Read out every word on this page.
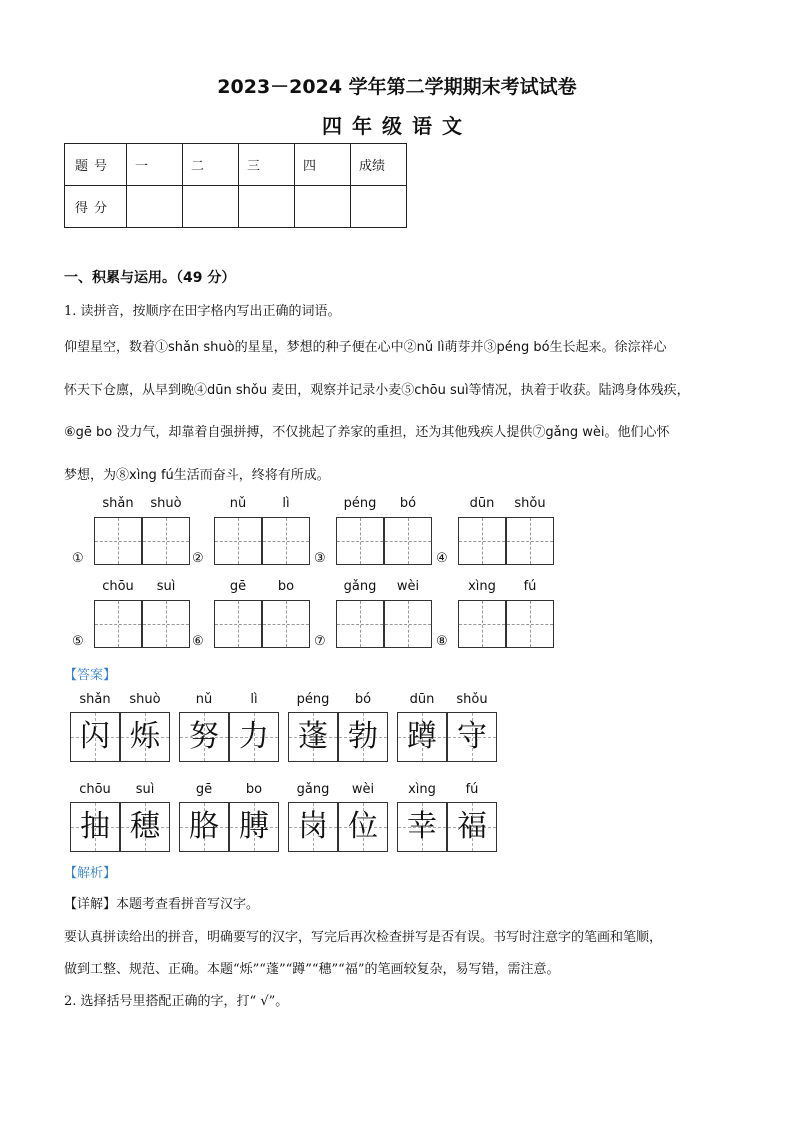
2023－2024 学年第二学期期末考试试卷
四年级语文
题号	一	二	三	四	成绩
得分					
一、积累与运用。（49 分）
1. 读拼音，按顺序在田字格内写出正确的词语。
仰望星空，数着①shǎn shuò的星星，梦想的种子便在心中②nǔ lì萌芽并③péng bó生长起来。徐淙祥心
怀天下仓廪，从早到晚④dūn shǒu 麦田，观察并记录小麦⑤chōu suì等情况，执着于收获。陆鸿身体残疾，
⑥gē bo 没力气，却靠着自强拼搏，不仅挑起了养家的重担，还为其他残疾人提供⑦gǎng wèi。他们心怀
梦想，为⑧xìng fú生活而奋斗，终将有所成。
①
shǎn	shuò
②
nǔ	lì
③
péng	bó
④
dūn	shǒu
⑤
chōu	suì
⑥
gē	bo
⑦
gǎng	wèi
⑧
xìng	fú
【答案】
shǎn	shuò
闪 烁
nǔ	lì
努 力
péng	bó
蓬 勃
dūn	shǒu
蹲 守
chōu	suì
抽 穗
gē	bo
胳 膊
gǎng	wèi
岗 位
xìng	fú
幸 福
【解析】
【详解】本题考查看拼音写汉字。
要认真拼读给出的拼音，明确要写的汉字，写完后再次检查拼写是否有误。书写时注意字的笔画和笔顺，
做到工整、规范、正确。本题“烁”“蓬”“蹲”“穗”“福”的笔画较复杂，易写错，需注意。
2. 选择括号里搭配正确的字，打“ √”。
